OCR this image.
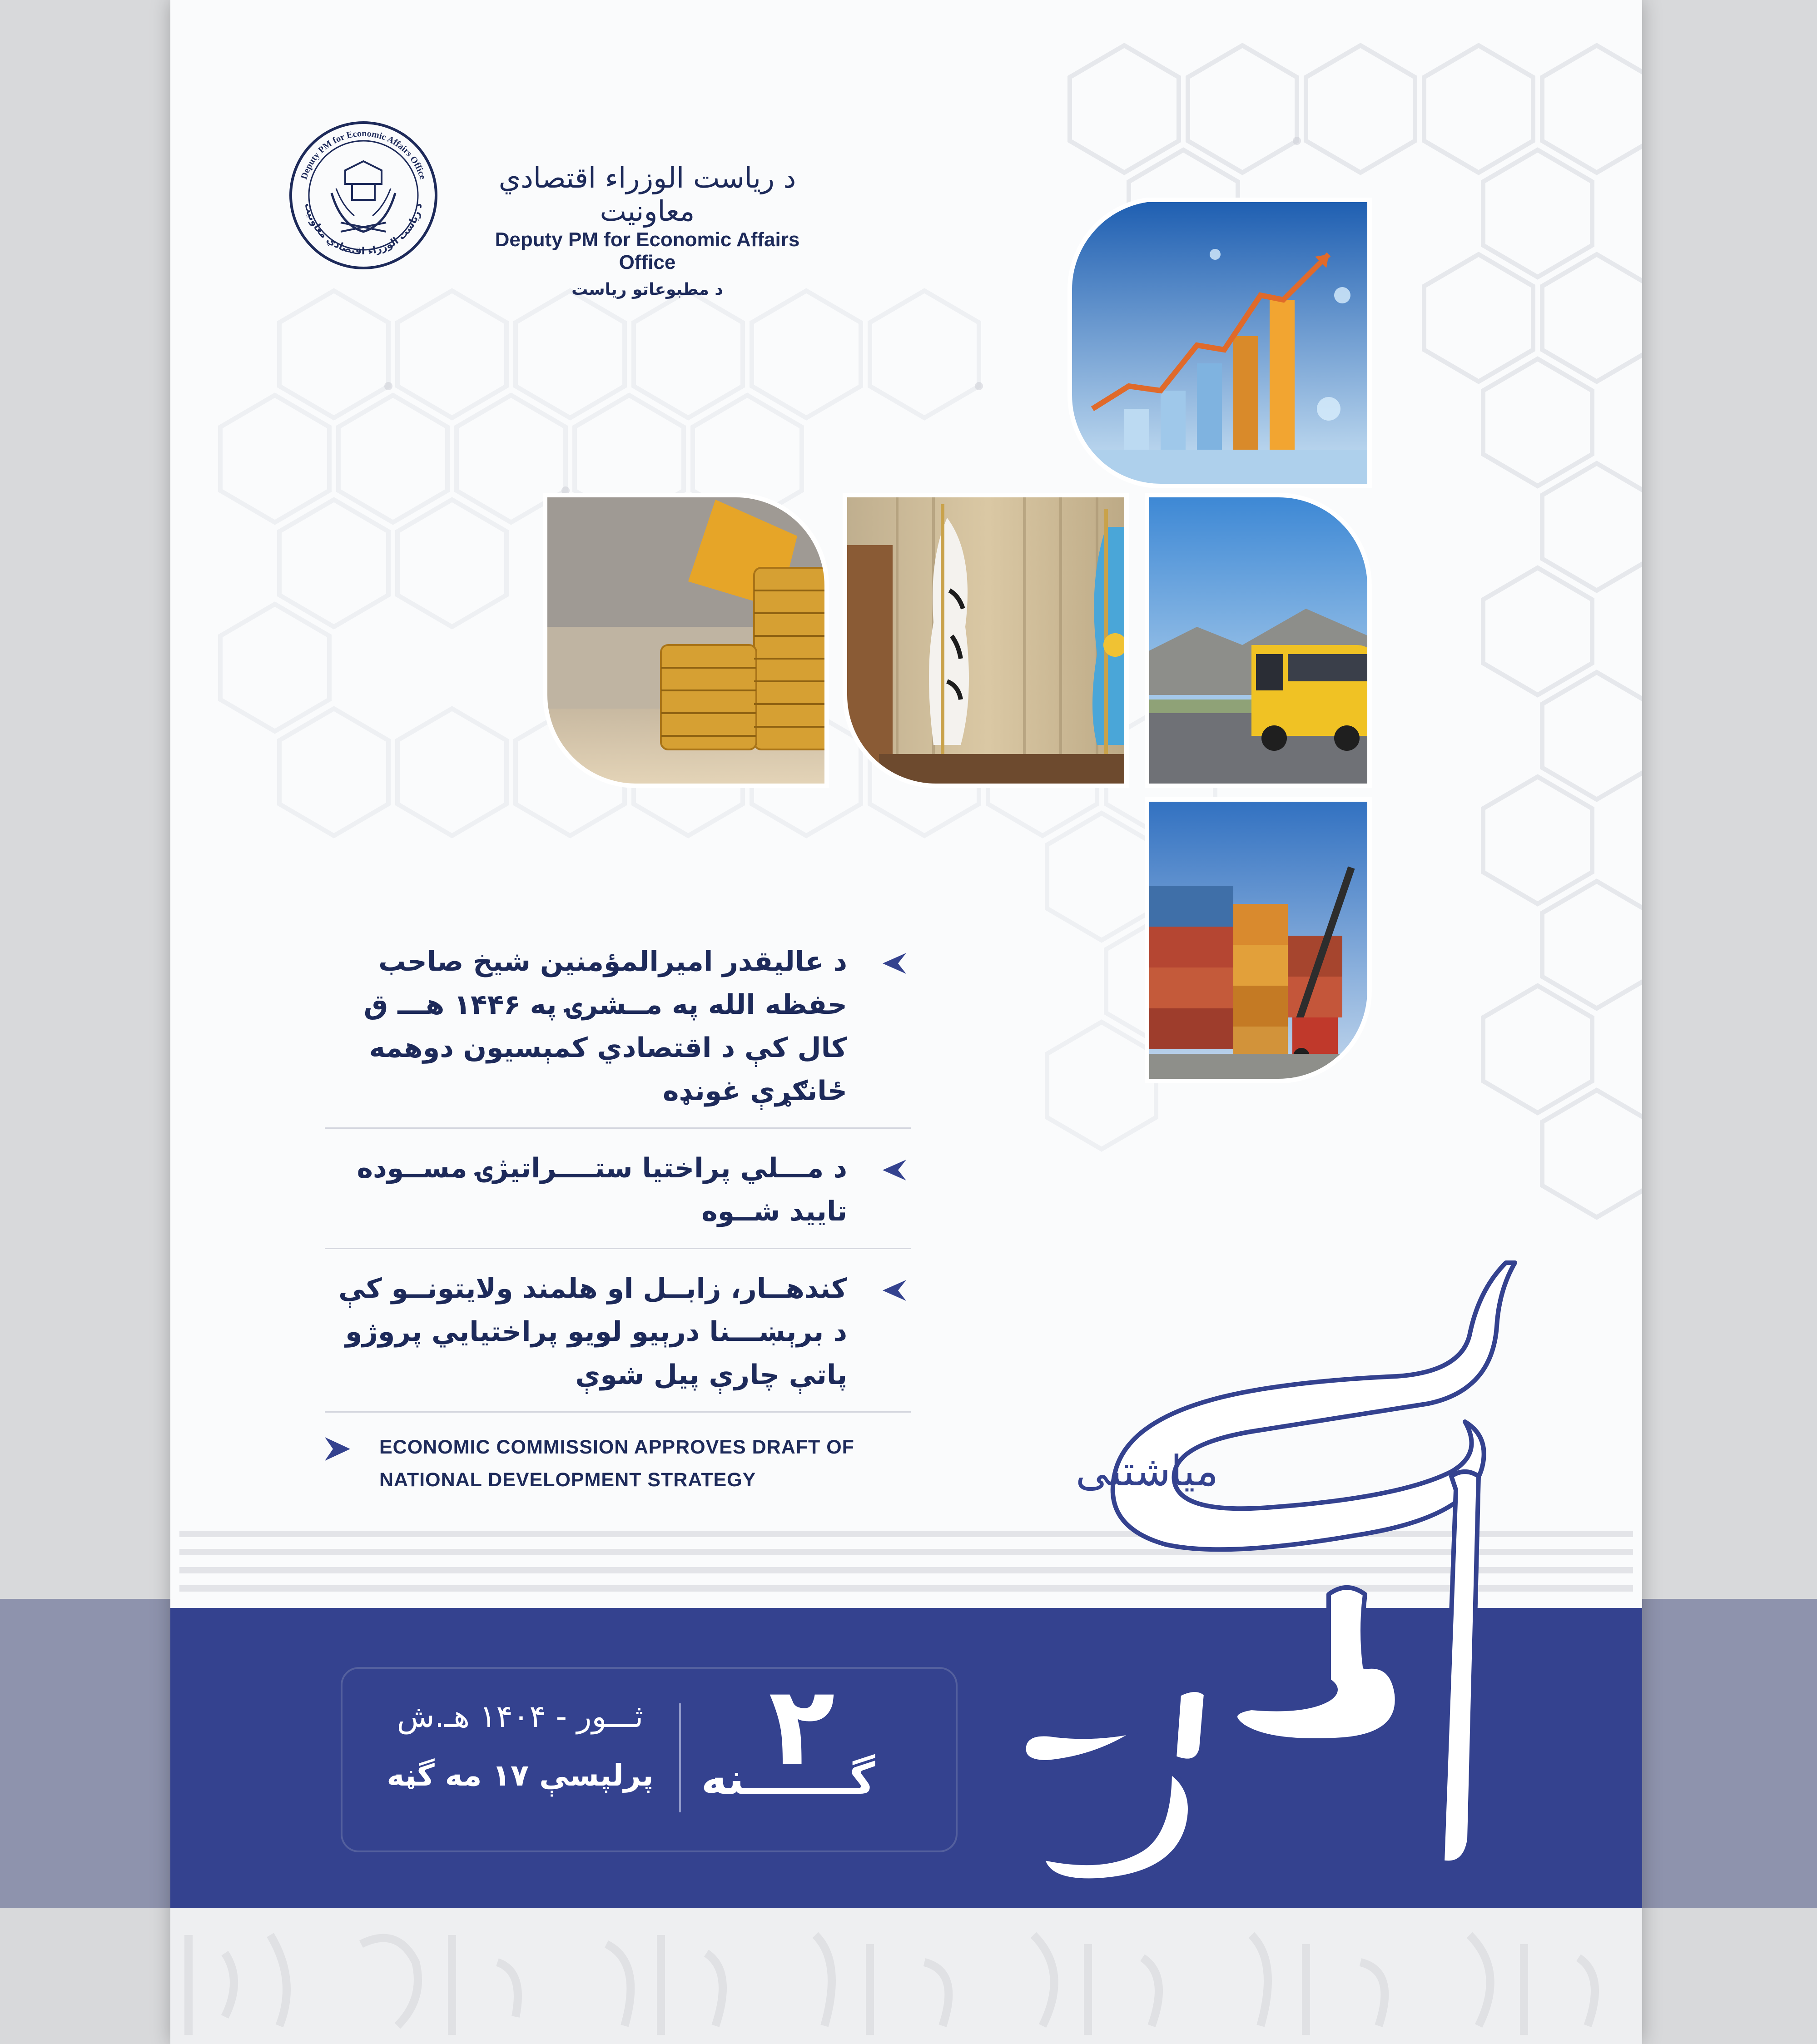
Deputy PM for Economic Affairs Office
د ریاست الوزراء اقتصادي معاونیت
د ریاست الوزراء اقتصادي معاونیت
Deputy PM for Economic Affairs Office
د مطبوعاتو رياست
د عالیقدر امیرالمؤمنین شیخ صاحب حفظه الله په مــشرۍ په ۱۴۴۶ هـــ ق کال کې د اقتصادي کمېسیون دوهمه ځانګړې غونډه
د مـــلي پراختیا ستــــراتیژۍ مســوده تایید شــوه
کندهــار، زابــل او هلمند ولایتونــو کې د برېښـــنا درېیو لویو پراختیایي پروژو پاتې چارې پیل شوې
ECONOMIC COMMISSION APPROVES DRAFT OF NATIONAL DEVELOPMENT STRATEGY
۲
گـــــــنه
ثـــور - ۱۴۰۴ هـ.ش
پرلپسې ۱۷ مه گڼه
میاشتنی
ابادي
